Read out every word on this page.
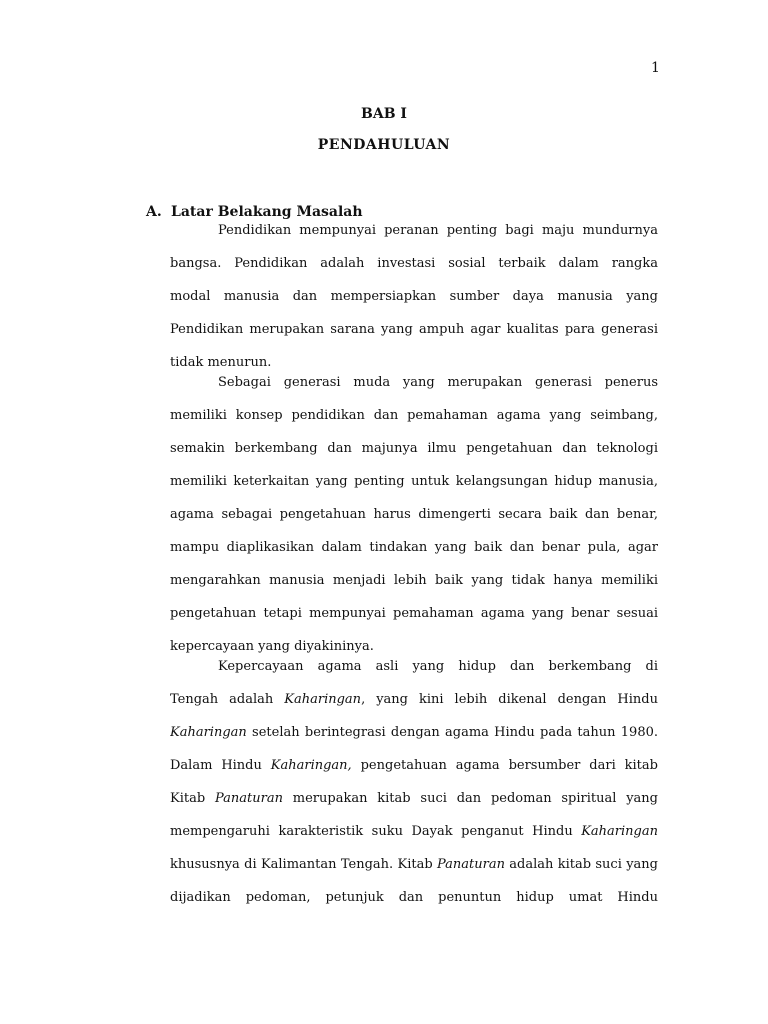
1
BAB I
PENDAHULUAN
A. Latar Belakang Masalah
Pendidikan mempunyai peranan penting bagi maju mundurnya
bangsa. Pendidikan adalah investasi sosial terbaik dalam rangka
modal manusia dan mempersiapkan sumber daya manusia yang
Pendidikan merupakan sarana yang ampuh agar kualitas para generasi
tidak menurun.
Sebagai generasi muda yang merupakan generasi penerus
memiliki konsep pendidikan dan pemahaman agama yang seimbang,
semakin berkembang dan majunya ilmu pengetahuan dan teknologi
memiliki keterkaitan yang penting untuk kelangsungan hidup manusia,
agama sebagai pengetahuan harus dimengerti secara baik dan benar,
mampu diaplikasikan dalam tindakan yang baik dan benar pula, agar
mengarahkan manusia menjadi lebih baik yang tidak hanya memiliki
pengetahuan tetapi mempunyai pemahaman agama yang benar sesuai
kepercayaan yang diyakininya.
Kepercayaan agama asli yang hidup dan berkembang di
Tengah adalah Kaharingan, yang kini lebih dikenal dengan Hindu
Kaharingan setelah berintegrasi dengan agama Hindu pada tahun 1980.
Dalam Hindu Kaharingan, pengetahuan agama bersumber dari kitab
Kitab Panaturan merupakan kitab suci dan pedoman spiritual yang
mempengaruhi karakteristik suku Dayak penganut Hindu Kaharingan
khususnya di Kalimantan Tengah. Kitab Panaturan adalah kitab suci yang
dijadikan pedoman, petunjuk dan penuntun hidup umat Hindu
